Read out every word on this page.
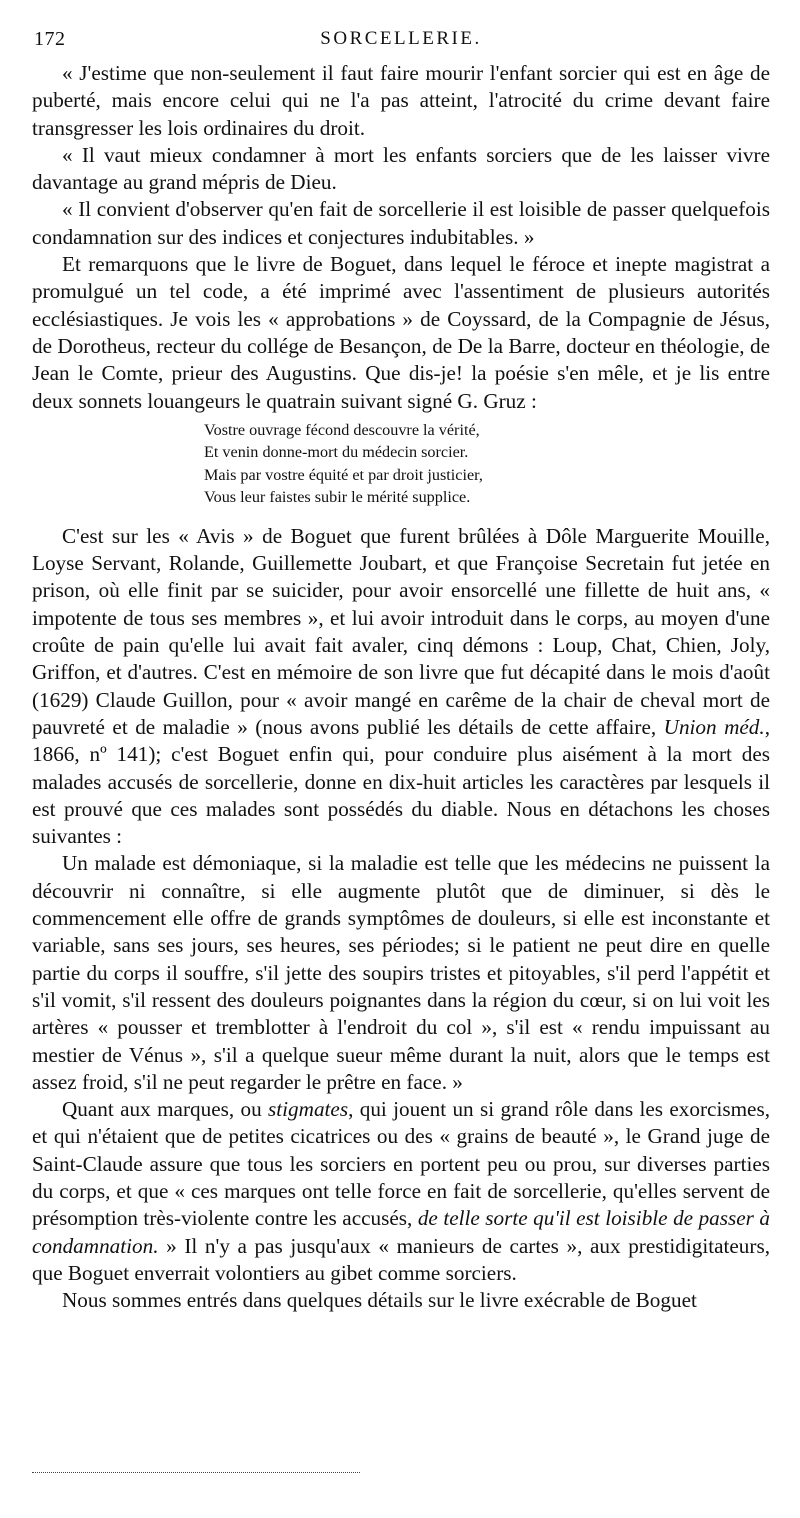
172	SORCELLERIE.

« J'estime que non-seulement il faut faire mourir l'enfant sorcier qui est en âge de puberté, mais encore celui qui ne l'a pas atteint, l'atrocité du crime devant faire transgresser les lois ordinaires du droit.

« Il vaut mieux condamner à mort les enfants sorciers que de les laisser vivre davantage au grand mépris de Dieu.

« Il convient d'observer qu'en fait de sorcellerie il est loisible de passer quelquefois condamnation sur des indices et conjectures indubitables. »

Et remarquons que le livre de Boguet, dans lequel le féroce et inepte magistrat a promulgué un tel code, a été imprimé avec l'assentiment de plusieurs autorités ecclésiastiques. Je vois les « approbations » de Coyssard, de la Compagnie de Jésus, de Dorotheus, recteur du collége de Besançon, de De la Barre, docteur en théologie, de Jean le Comte, prieur des Augustins. Que dis-je! la poésie s'en mêle, et je lis entre deux sonnets louangeurs le quatrain suivant signé G. Gruz :

Vostre ouvrage fécond descouvre la vérité,
Et venin donne-mort du médecin sorcier.
Mais par vostre équité et par droit justicier,
Vous leur faistes subir le mérité supplice.

C'est sur les « Avis » de Boguet que furent brûlées à Dôle Marguerite Mouille, Loyse Servant, Rolande, Guillemette Joubart, et que Françoise Secretain fut jetée en prison, où elle finit par se suicider, pour avoir ensorcellé une fillette de huit ans, « impotente de tous ses membres », et lui avoir introduit dans le corps, au moyen d'une croûte de pain qu'elle lui avait fait avaler, cinq démons : Loup, Chat, Chien, Joly, Griffon, et d'autres. C'est en mémoire de son livre que fut décapité dans le mois d'août (1629) Claude Guillon, pour « avoir mangé en carême de la chair de cheval mort de pauvreté et de maladie » (nous avons publié les détails de cette affaire, Union méd., 1866, nº 141); c'est Boguet enfin qui, pour conduire plus aisément à la mort des malades accusés de sorcellerie, donne en dix-huit articles les caractères par lesquels il est prouvé que ces malades sont possédés du diable. Nous en détachons les choses suivantes :

Un malade est démoniaque, si la maladie est telle que les médecins ne puissent la découvrir ni connaître, si elle augmente plutôt que de diminuer, si dès le commencement elle offre de grands symptômes de douleurs, si elle est inconstante et variable, sans ses jours, ses heures, ses périodes; si le patient ne peut dire en quelle partie du corps il souffre, s'il jette des soupirs tristes et pitoyables, s'il perd l'appétit et s'il vomit, s'il ressent des douleurs poignantes dans la région du cœur, si on lui voit les artères « pousser et tremblotter à l'endroit du col », s'il est « rendu impuissant au mestier de Vénus », s'il a quelque sueur même durant la nuit, alors que le temps est assez froid, s'il ne peut regarder le prêtre en face. »

Quant aux marques, ou stigmates, qui jouent un si grand rôle dans les exorcismes, et qui n'étaient que de petites cicatrices ou des « grains de beauté », le Grand juge de Saint-Claude assure que tous les sorciers en portent peu ou prou, sur diverses parties du corps, et que « ces marques ont telle force en fait de sorcellerie, qu'elles servent de présomption très-violente contre les accusés, de telle sorte qu'il est loisible de passer à condamnation. » Il n'y a pas jusqu'aux « manieurs de cartes », aux prestidigitateurs, que Boguet enverrait volontiers au gibet comme sorciers.

Nous sommes entrés dans quelques détails sur le livre exécrable de Boguet
